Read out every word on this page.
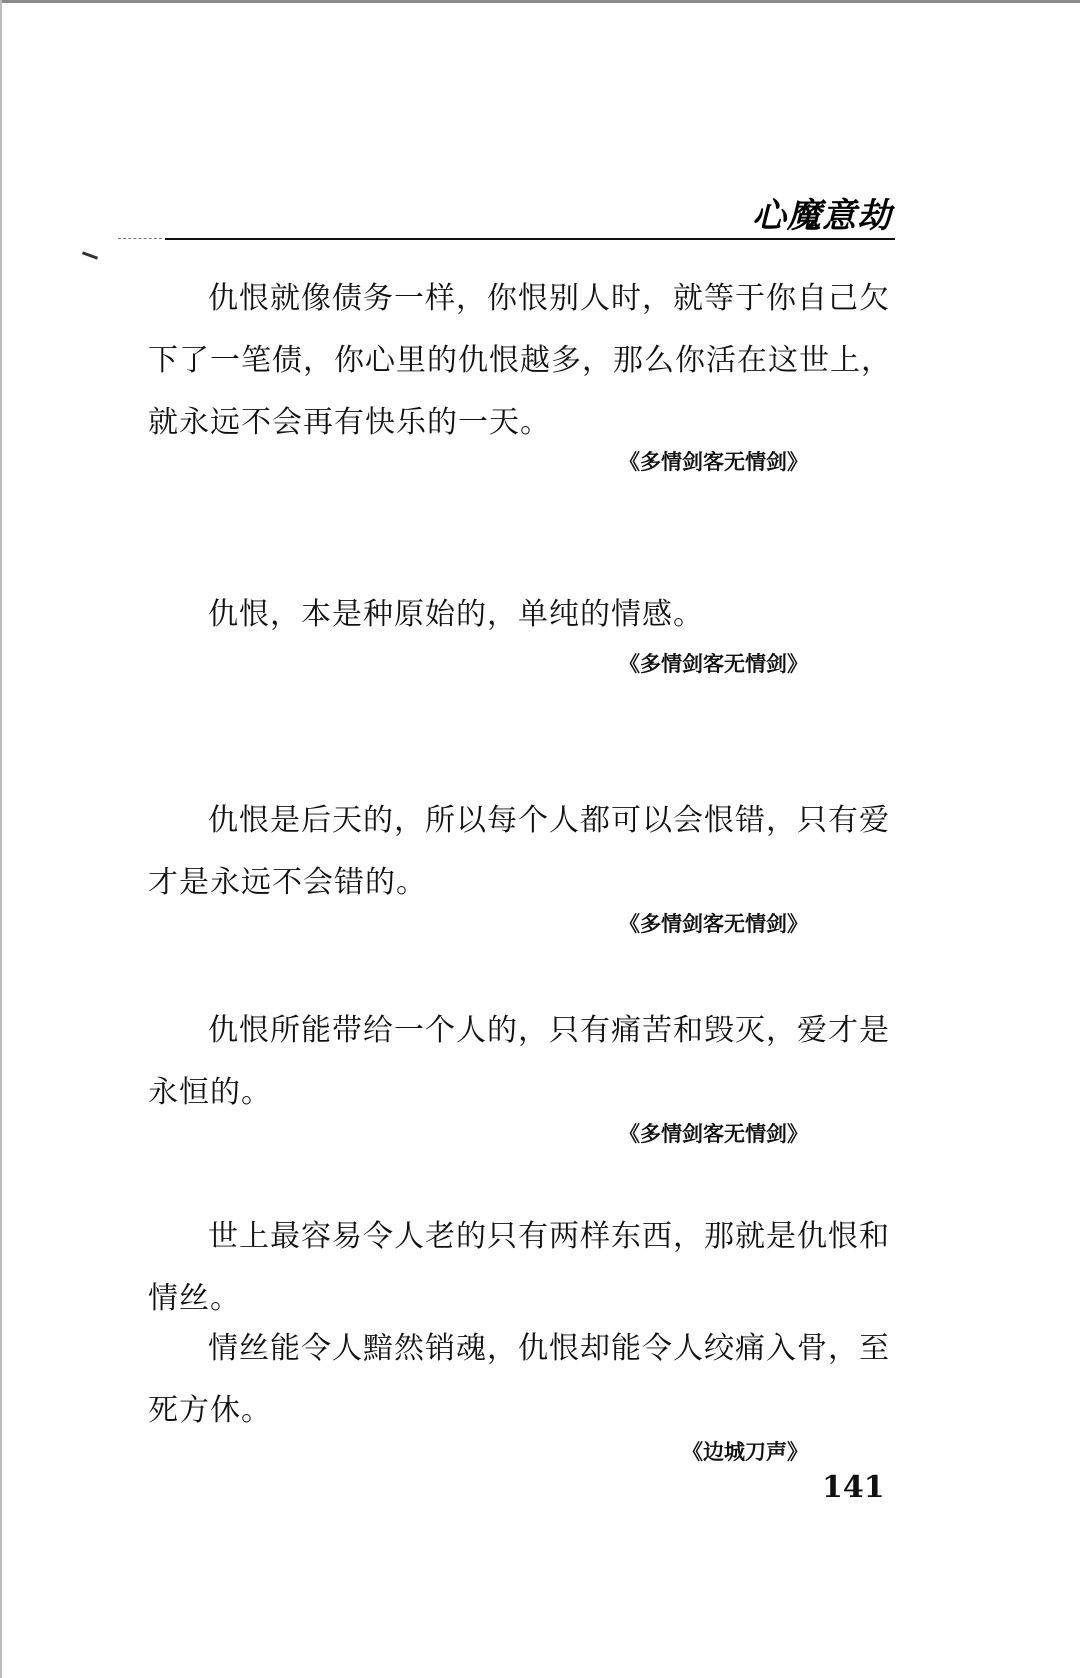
心魔意劫

仇恨就像债务一样，你恨别人时，就等于你自己欠下了一笔债，你心里的仇恨越多，那么你活在这世上，就永远不会再有快乐的一天。

《多情剑客无情剑》

仇恨，本是种原始的，单纯的情感。

《多情剑客无情剑》

仇恨是后天的，所以每个人都可以会恨错，只有爱才是永远不会错的。

《多情剑客无情剑》

仇恨所能带给一个人的，只有痛苦和毁灭，爱才是永恒的。

《多情剑客无情剑》

世上最容易令人老的只有两样东西，那就是仇恨和情丝。

情丝能令人黯然销魂，仇恨却能令人绞痛入骨，至死方休。

《边城刀声》
141
